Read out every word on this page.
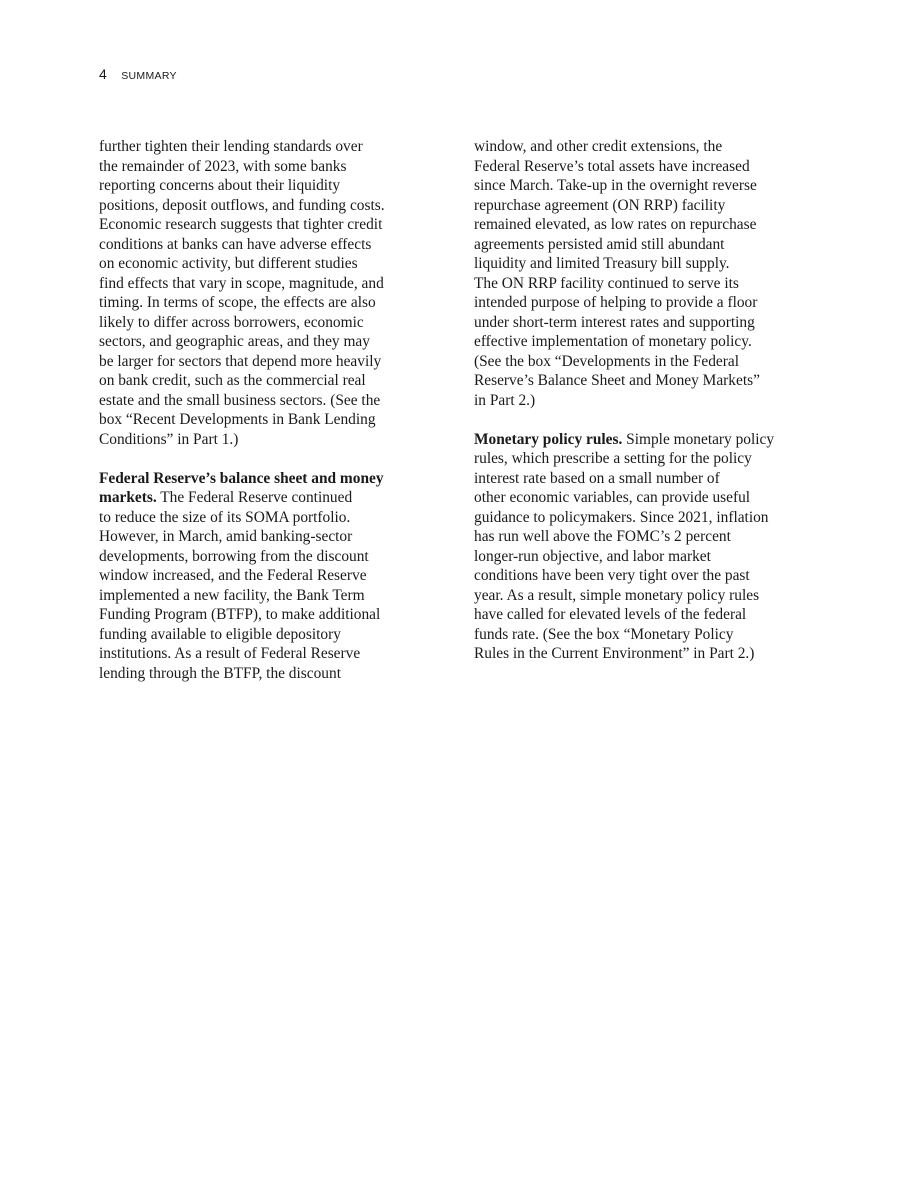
4 SUMMARY

further tighten their lending standards over
the remainder of 2023, with some banks
reporting concerns about their liquidity
positions, deposit outflows, and funding costs.
Economic research suggests that tighter credit
conditions at banks can have adverse effects
on economic activity, but different studies
find effects that vary in scope, magnitude, and
timing. In terms of scope, the effects are also
likely to differ across borrowers, economic
sectors, and geographic areas, and they may
be larger for sectors that depend more heavily
on bank credit, such as the commercial real
estate and the small business sectors. (See the
box “Recent Developments in Bank Lending
Conditions” in Part 1.)

Federal Reserve’s balance sheet and money
markets. The Federal Reserve continued
to reduce the size of its SOMA portfolio.
However, in March, amid banking-sector
developments, borrowing from the discount
window increased, and the Federal Reserve
implemented a new facility, the Bank Term
Funding Program (BTFP), to make additional
funding available to eligible depository
institutions. As a result of Federal Reserve
lending through the BTFP, the discount

window, and other credit extensions, the
Federal Reserve’s total assets have increased
since March. Take-up in the overnight reverse
repurchase agreement (ON RRP) facility
remained elevated, as low rates on repurchase
agreements persisted amid still abundant
liquidity and limited Treasury bill supply.
The ON RRP facility continued to serve its
intended purpose of helping to provide a floor
under short-term interest rates and supporting
effective implementation of monetary policy.
(See the box “Developments in the Federal
Reserve’s Balance Sheet and Money Markets”
in Part 2.)

Monetary policy rules. Simple monetary policy
rules, which prescribe a setting for the policy
interest rate based on a small number of
other economic variables, can provide useful
guidance to policymakers. Since 2021, inflation
has run well above the FOMC’s 2 percent
longer-run objective, and labor market
conditions have been very tight over the past
year. As a result, simple monetary policy rules
have called for elevated levels of the federal
funds rate. (See the box “Monetary Policy
Rules in the Current Environment” in Part 2.)
